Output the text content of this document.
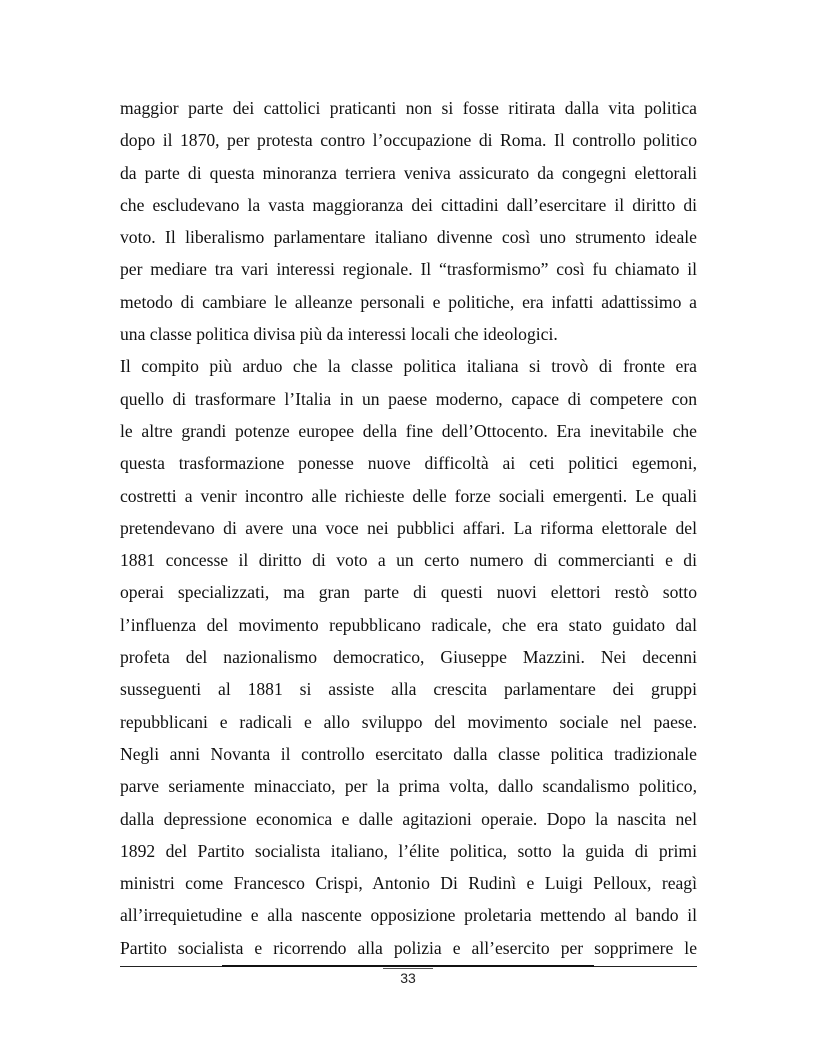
maggior parte dei cattolici praticanti non si fosse ritirata dalla vita politica
dopo il 1870, per protesta contro l’occupazione di Roma. Il controllo politico
da parte di questa minoranza terriera veniva assicurato da congegni elettorali
che escludevano la vasta maggioranza dei cittadini dall’esercitare il diritto di
voto. Il liberalismo parlamentare italiano divenne così uno strumento ideale
per mediare tra vari interessi regionale. Il “trasformismo” così fu chiamato il
metodo di cambiare le alleanze personali e politiche, era infatti adattissimo a
una classe politica divisa più da interessi locali che ideologici.
Il compito più arduo che la classe politica italiana si trovò di fronte era
quello di trasformare l’Italia in un paese moderno, capace di competere con
le altre grandi potenze europee della fine dell’Ottocento. Era inevitabile che
questa trasformazione ponesse nuove difficoltà ai ceti politici egemoni,
costretti a venir incontro alle richieste delle forze sociali emergenti. Le quali
pretendevano di avere una voce nei pubblici affari. La riforma elettorale del
1881 concesse il diritto di voto a un certo numero di commercianti e di
operai specializzati, ma gran parte di questi nuovi elettori restò sotto
l’influenza del movimento repubblicano radicale, che era stato guidato dal
profeta del nazionalismo democratico, Giuseppe Mazzini. Nei decenni
susseguenti al 1881 si assiste alla crescita parlamentare dei gruppi
repubblicani e radicali e allo sviluppo del movimento sociale nel paese.
Negli anni Novanta il controllo esercitato dalla classe politica tradizionale
parve seriamente minacciato, per la prima volta, dallo scandalismo politico,
dalla depressione economica e dalle agitazioni operaie. Dopo la nascita nel
1892 del Partito socialista italiano, l’élite politica, sotto la guida di primi
ministri come Francesco Crispi, Antonio Di Rudinì e Luigi Pelloux, reagì
all’irrequietudine e alla nascente opposizione proletaria mettendo al bando il
Partito socialista e ricorrendo alla polizia e all’esercito per sopprimere le
33
